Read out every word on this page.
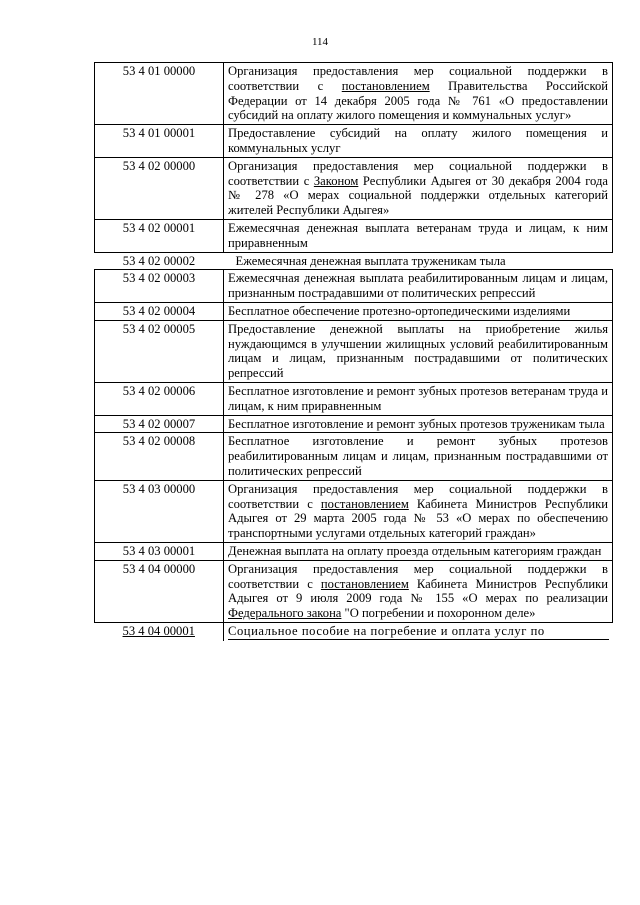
114
53 4 01 00000	Организация предоставления мер социальной поддержки в соответствии с постановлением Правительства Российской Федерации от 14 декабря 2005 года № 761 «О предоставлении субсидий на оплату жилого помещения и коммунальных услуг»
53 4 01 00001	Предоставление субсидий на оплату жилого помещения и коммунальных услуг
53 4 02 00000	Организация предоставления мер социальной поддержки в соответствии с Законом Республики Адыгея от 30 декабря 2004 года № 278 «О мерах социальной поддержки отдельных категорий жителей Республики Адыгея»
53 4 02 00001	Ежемесячная денежная выплата ветеранам труда и лицам, к ним приравненным
53 4 02 00002	Ежемесячная денежная выплата труженикам тыла
53 4 02 00003	Ежемесячная денежная выплата реабилитированным лицам и лицам, признанным пострадавшими от политических репрессий
53 4 02 00004	Бесплатное обеспечение протезно-ортопедическими изделиями
53 4 02 00005	Предоставление денежной выплаты на приобретение жилья нуждающимся в улучшении жилищных условий реабилитированным лицам и лицам, признанным пострадавшими от политических репрессий
53 4 02 00006	Бесплатное изготовление и ремонт зубных протезов ветеранам труда и лицам, к ним приравненным
53 4 02 00007	Бесплатное изготовление и ремонт зубных протезов труженикам тыла
53 4 02 00008	Бесплатное изготовление и ремонт зубных протезов реабилитированным лицам и лицам, признанным пострадавшими от политических репрессий
53 4 03 00000	Организация предоставления мер социальной поддержки в соответствии с постановлением Кабинета Министров Республики Адыгея от 29 марта 2005 года № 53 «О мерах по обеспечению транспортными услугами отдельных категорий граждан»
53 4 03 00001	Денежная выплата на оплату проезда отдельным категориям граждан
53 4 04 00000	Организация предоставления мер социальной поддержки в соответствии с постановлением Кабинета Министров Республики Адыгея от 9 июля 2009 года № 155 «О мерах по реализации Федерального закона "О погребении и похоронном деле»
53 4 04 00001	Социальное пособие на погребение и оплата услуг по
